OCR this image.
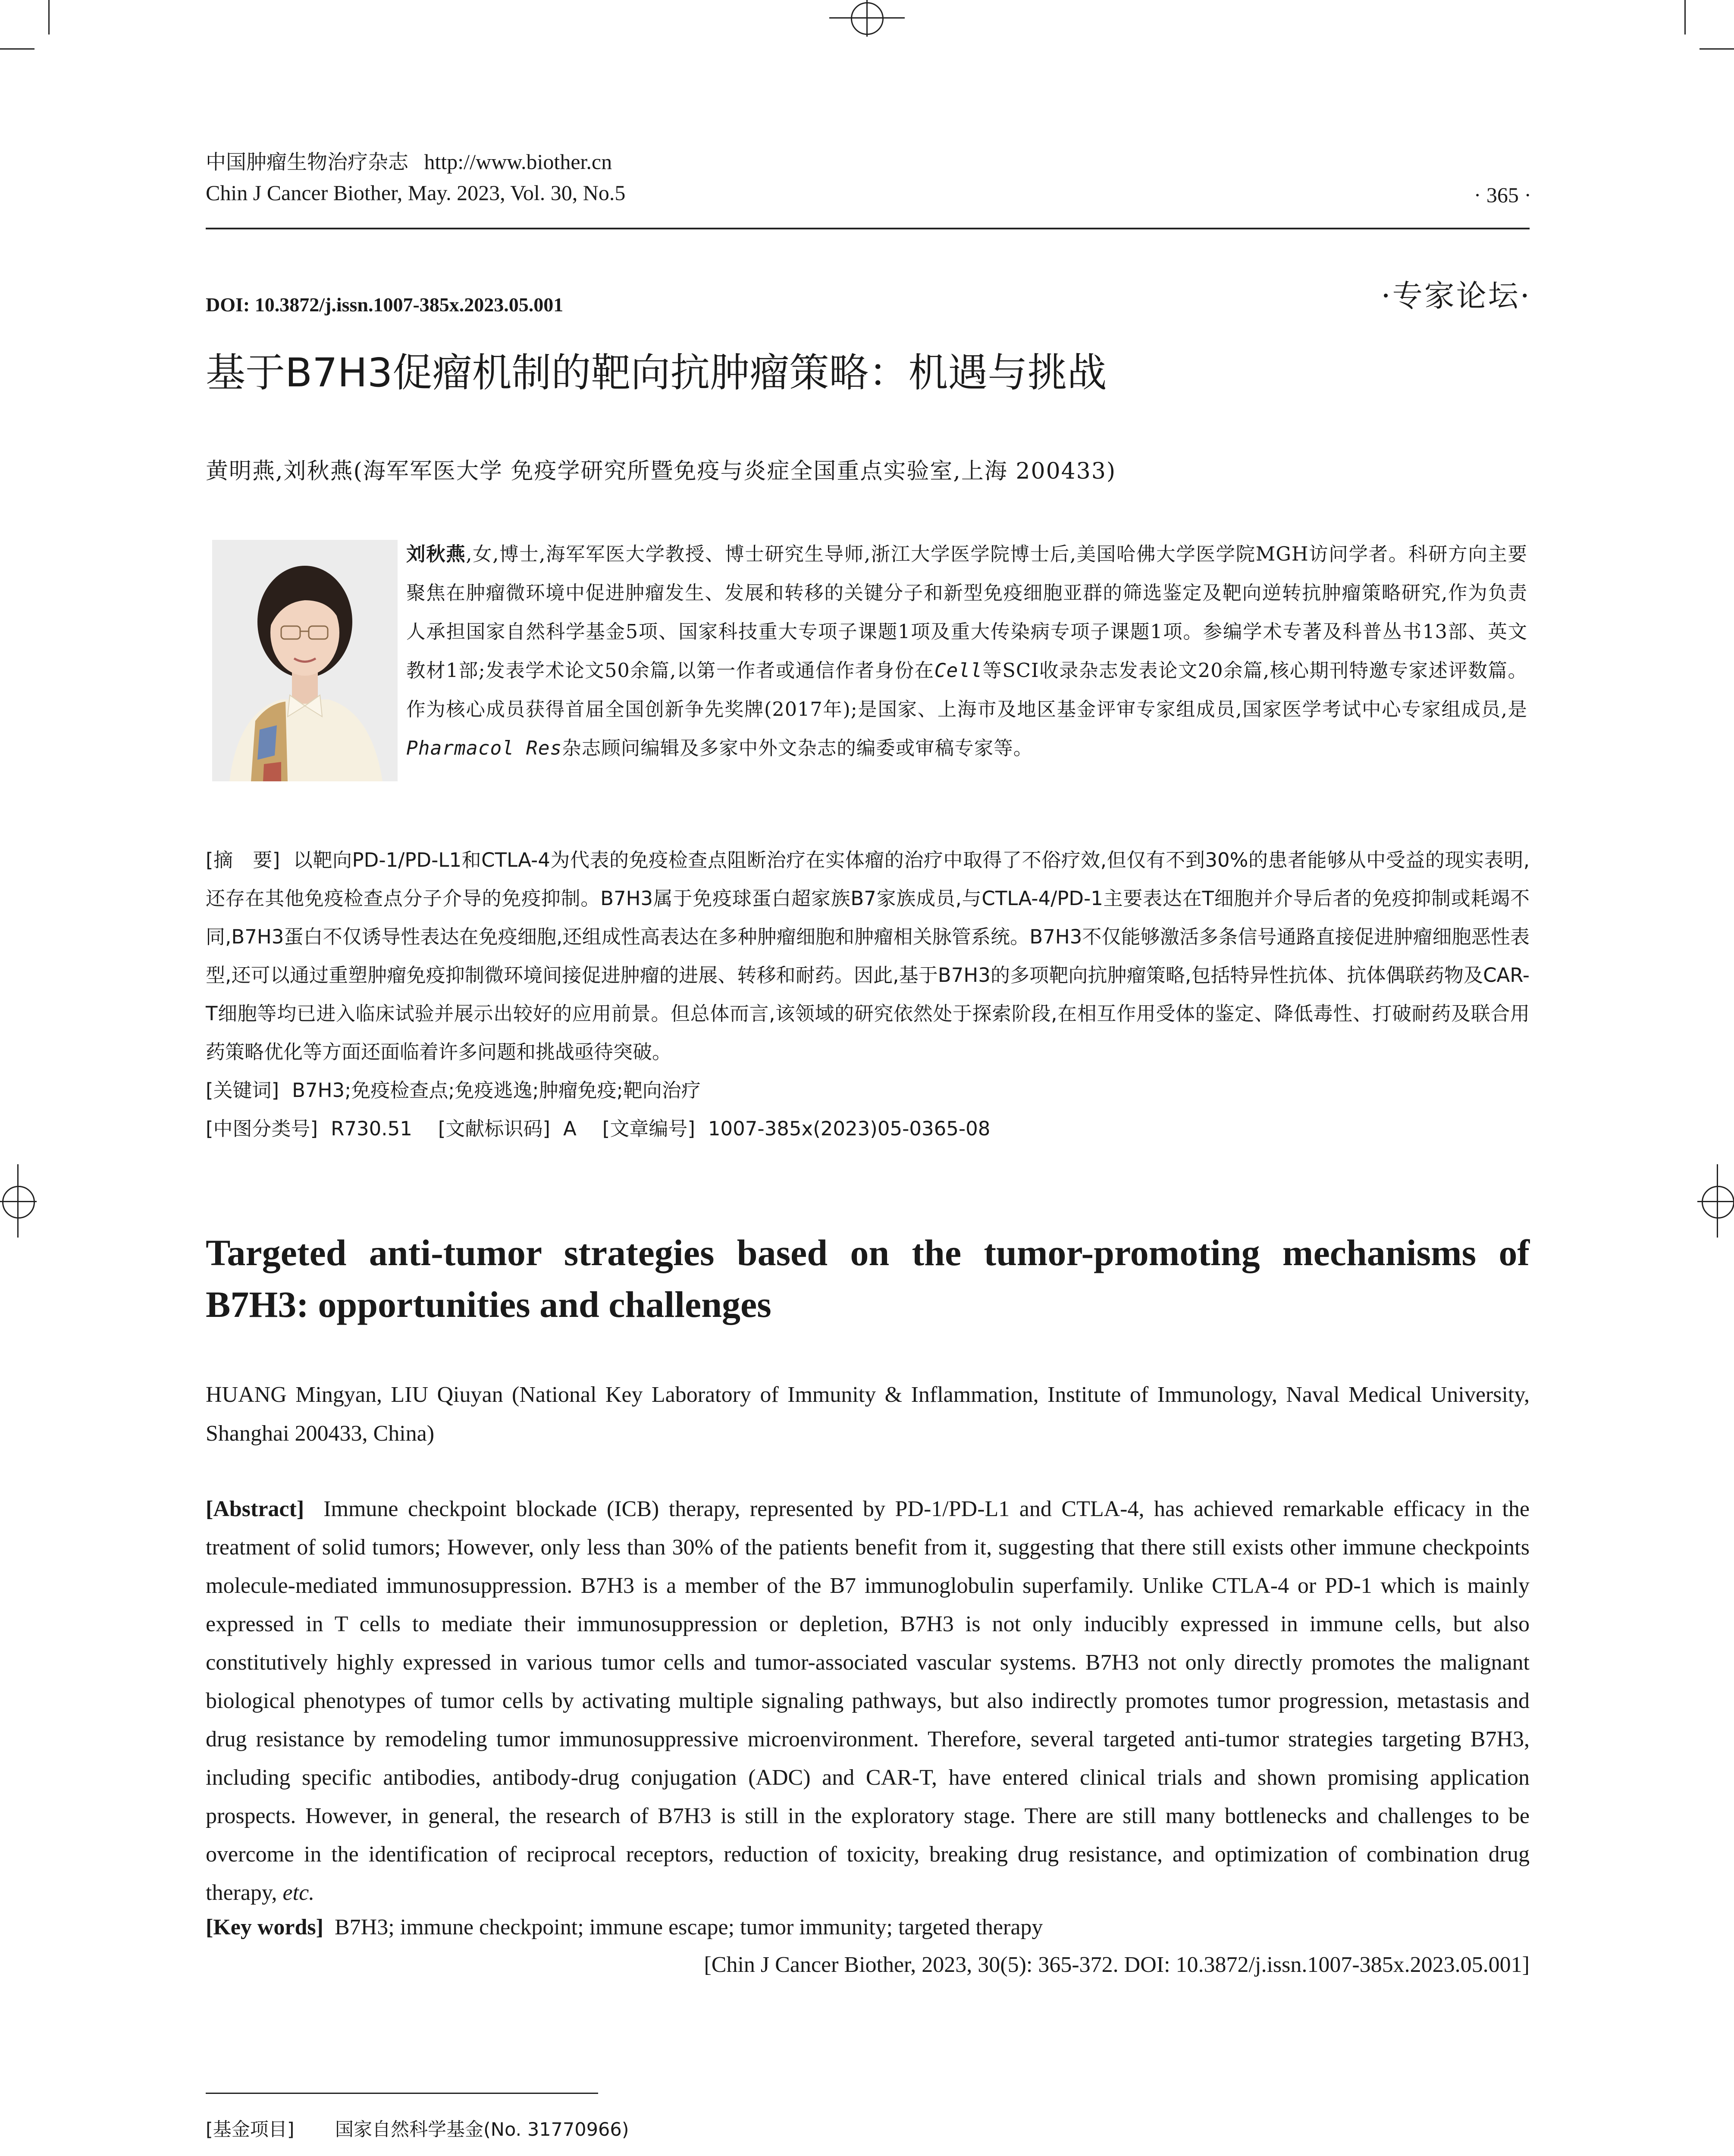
中国肿瘤生物治疗杂志 http://www.biother.cn
Chin J Cancer Biother, May. 2023, Vol. 30, No.5	· 365 ·
DOI: 10.3872/j.issn.1007-385x.2023.05.001	·专家论坛·
基于B7H3促瘤机制的靶向抗肿瘤策略：机遇与挑战
黄明燕,刘秋燕(海军军医大学 免疫学研究所暨免疫与炎症全国重点实验室,上海 200433)
刘秋燕,女,博士,海军军医大学教授、博士研究生导师,浙江大学医学院博士后,美国哈佛大学医学院MGH访问学者。科研方向主要聚焦在肿瘤微环境中促进肿瘤发生、发展和转移的关键分子和新型免疫细胞亚群的筛选鉴定及靶向逆转抗肿瘤策略研究,作为负责人承担国家自然科学基金5项、国家科技重大专项子课题1项及重大传染病专项子课题1项。参编学术专著及科普丛书13部、英文教材1部;发表学术论文50余篇,以第一作者或通信作者身份在Cell等SCI收录杂志发表论文20余篇,核心期刊特邀专家述评数篇。作为核心成员获得首届全国创新争先奖牌(2017年);是国家、上海市及地区基金评审专家组成员,国家医学考试中心专家组成员,是Pharmacol Res杂志顾问编辑及多家中外文杂志的编委或审稿专家等。
[摘　要] 以靶向PD-1/PD-L1和CTLA-4为代表的免疫检查点阻断治疗在实体瘤的治疗中取得了不俗疗效,但仅有不到30%的患者能够从中受益的现实表明,还存在其他免疫检查点分子介导的免疫抑制。B7H3属于免疫球蛋白超家族B7家族成员,与CTLA-4/PD-1主要表达在T细胞并介导后者的免疫抑制或耗竭不同,B7H3蛋白不仅诱导性表达在免疫细胞,还组成性高表达在多种肿瘤细胞和肿瘤相关脉管系统。B7H3不仅能够激活多条信号通路直接促进肿瘤细胞恶性表型,还可以通过重塑肿瘤免疫抑制微环境间接促进肿瘤的进展、转移和耐药。因此,基于B7H3的多项靶向抗肿瘤策略,包括特异性抗体、抗体偶联药物及CAR-T细胞等均已进入临床试验并展示出较好的应用前景。但总体而言,该领域的研究依然处于探索阶段,在相互作用受体的鉴定、降低毒性、打破耐药及联合用药策略优化等方面还面临着许多问题和挑战亟待突破。
[关键词] B7H3;免疫检查点;免疫逃逸;肿瘤免疫;靶向治疗
[中图分类号] R730.51 [文献标识码] A [文章编号] 1007-385x(2023)05-0365-08
Targeted anti-tumor strategies based on the tumor-promoting mechanisms of B7H3: opportunities and challenges
HUANG Mingyan, LIU Qiuyan (National Key Laboratory of Immunity & Inflammation, Institute of Immunology, Naval Medical University, Shanghai 200433, China)
[Abstract] Immune checkpoint blockade (ICB) therapy, represented by PD-1/PD-L1 and CTLA-4, has achieved remarkable efficacy in the treatment of solid tumors; However, only less than 30% of the patients benefit from it, suggesting that there still exists other immune checkpoints molecule-mediated immunosuppression. B7H3 is a member of the B7 immunoglobulin superfamily. Unlike CTLA-4 or PD-1 which is mainly expressed in T cells to mediate their immunosuppression or depletion, B7H3 is not only inducibly expressed in immune cells, but also constitutively highly expressed in various tumor cells and tumor-associated vascular systems. B7H3 not only directly promotes the malignant biological phenotypes of tumor cells by activating multiple signaling pathways, but also indirectly promotes tumor progression, metastasis and drug resistance by remodeling tumor immunosuppressive microenvironment. Therefore, several targeted anti-tumor strategies targeting B7H3, including specific antibodies, antibody-drug conjugation (ADC) and CAR-T, have entered clinical trials and shown promising application prospects. However, in general, the research of B7H3 is still in the exploratory stage. There are still many bottlenecks and challenges to be overcome in the identification of reciprocal receptors, reduction of toxicity, breaking drug resistance, and optimization of combination drug therapy, etc.
[Key words] B7H3; immune checkpoint; immune escape; tumor immunity; targeted therapy
[Chin J Cancer Biother, 2023, 30(5): 365-372. DOI: 10.3872/j.issn.1007-385x.2023.05.001]
[基金项目] 国家自然科学基金(No. 31770966)
